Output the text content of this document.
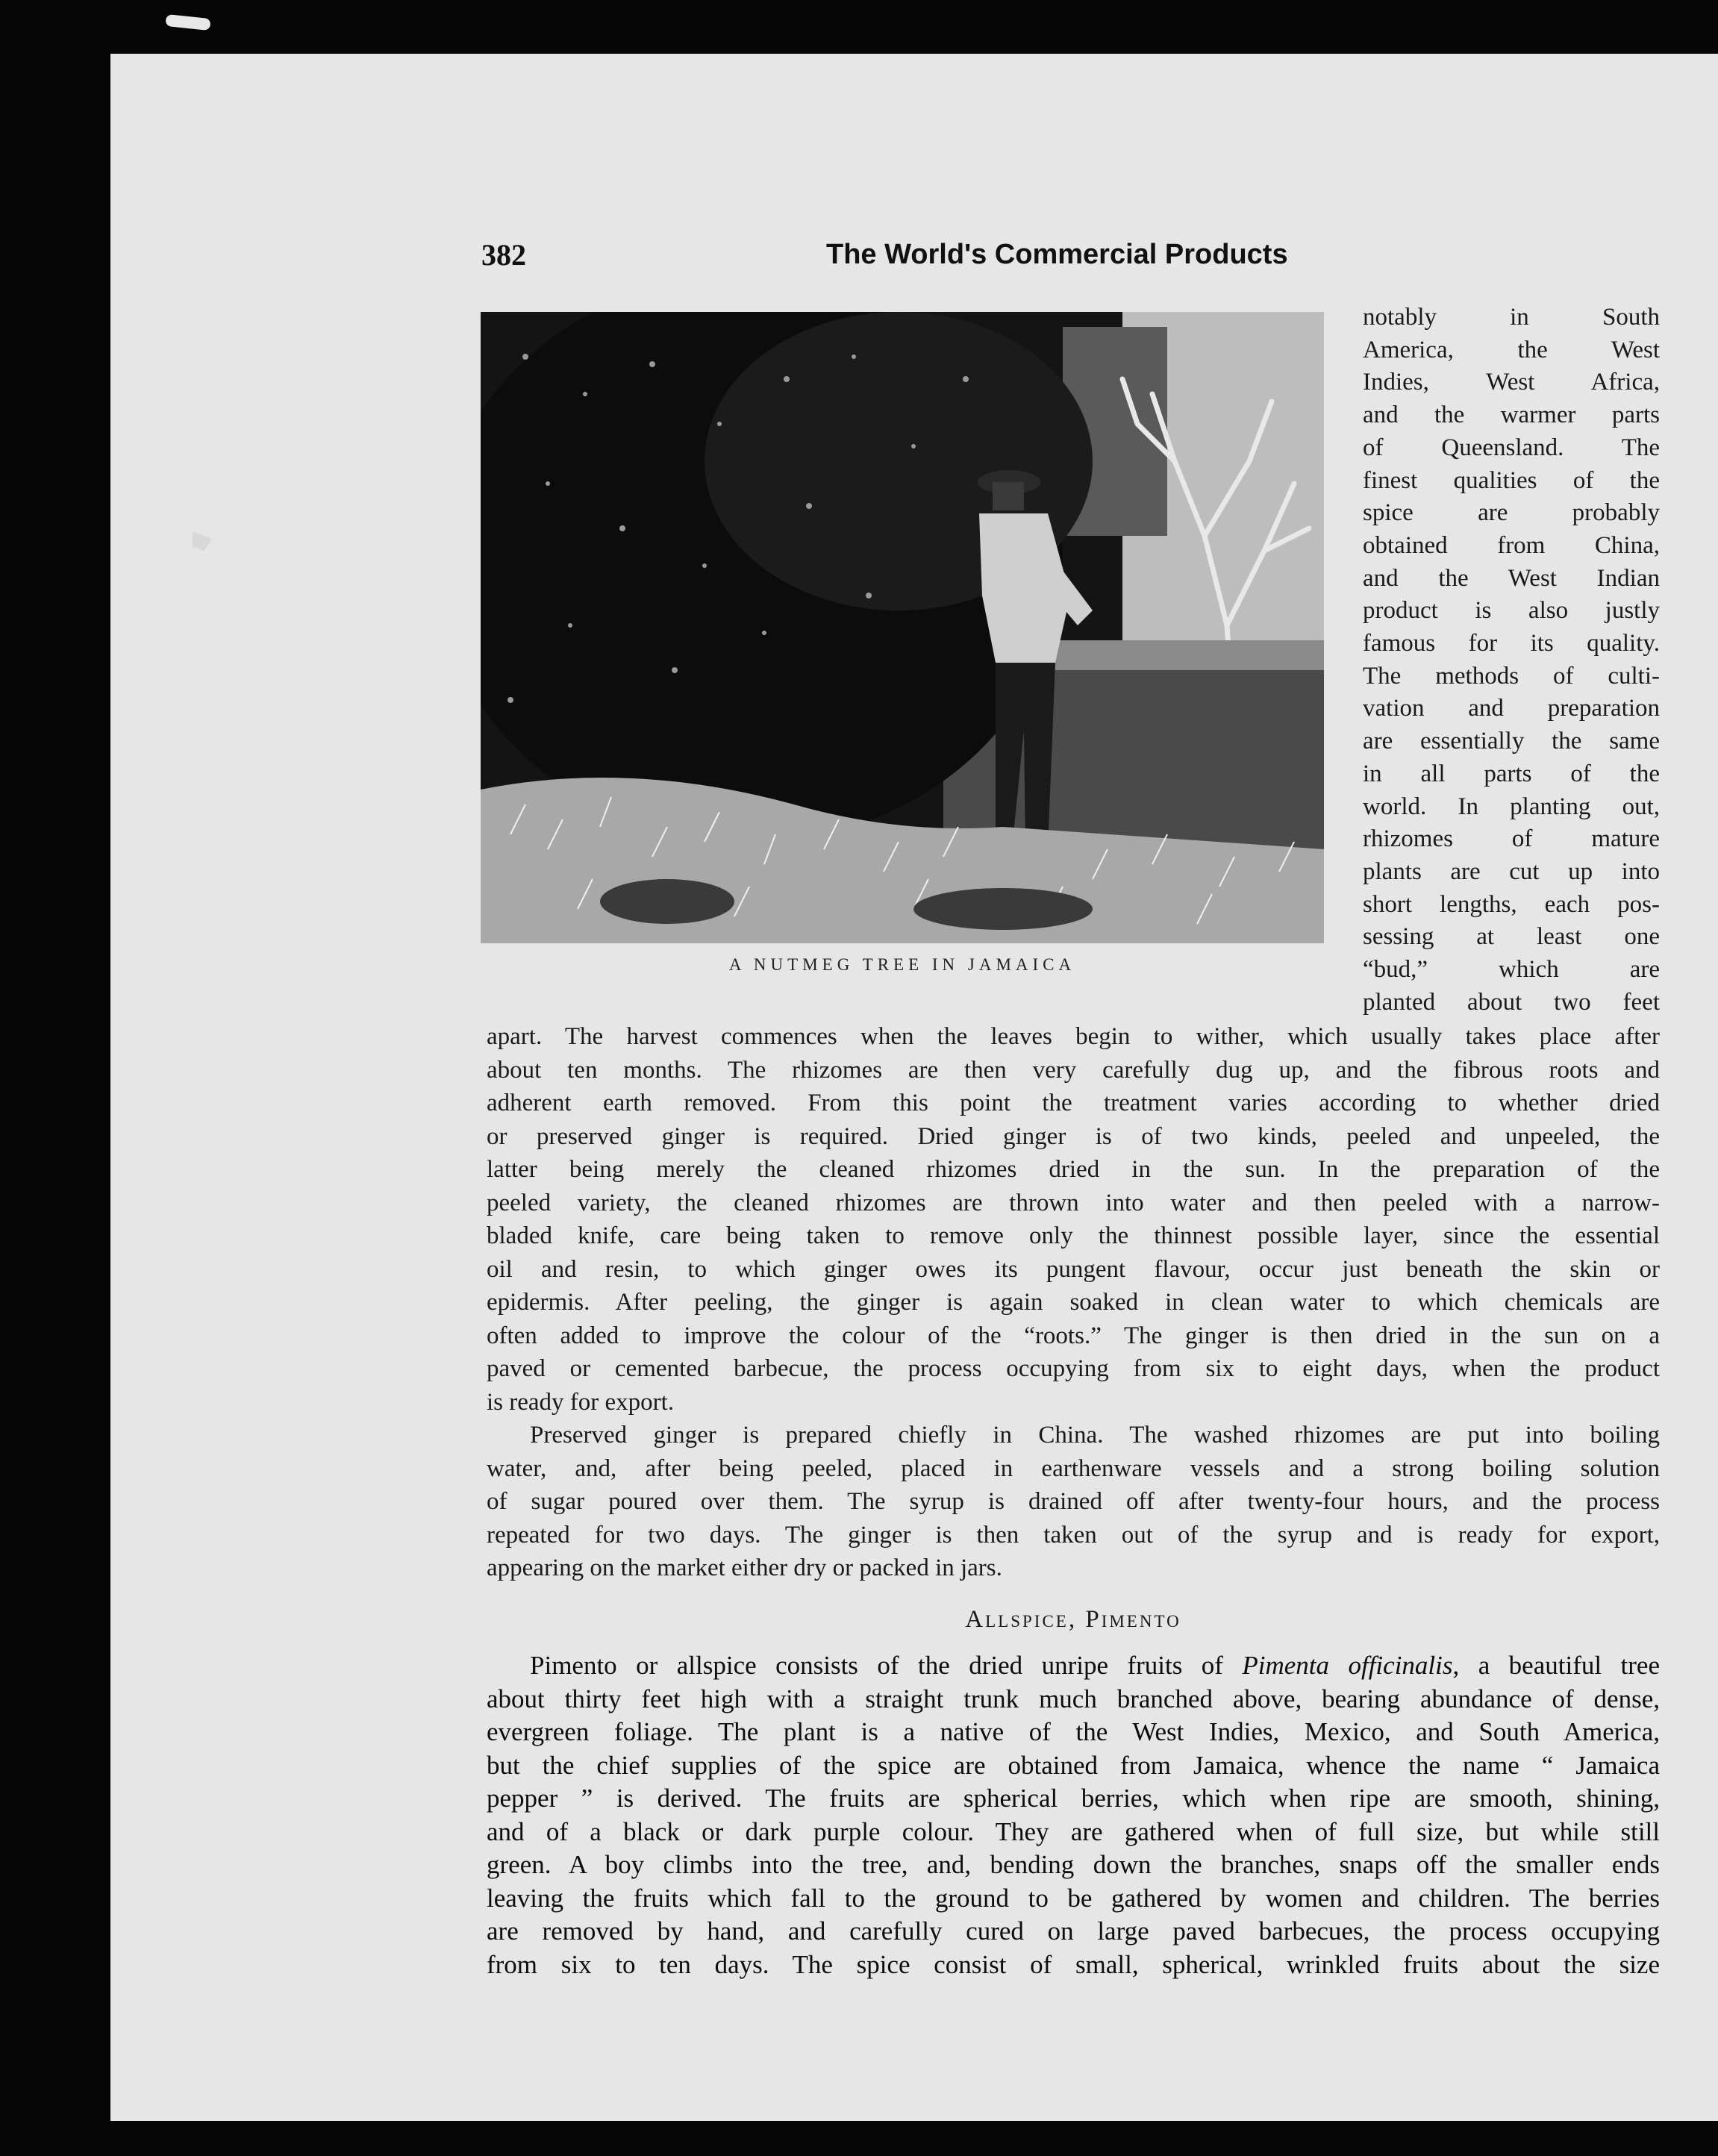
382	The World's Commercial Products
A NUTMEG TREE IN JAMAICA
notably in South
America, the West
Indies, West Africa,
and the warmer parts
of Queensland. The
finest qualities of the
spice are probably
obtained from China,
and the West Indian
product is also justly
famous for its quality.
The methods of culti-
vation and preparation
are essentially the same
in all parts of the
world. In planting out,
rhizomes of mature
plants are cut up into
short lengths, each pos-
sessing at least one
“bud,” which are
planted about two feet
apart. The harvest commences when the leaves begin to wither, which usually takes place after
about ten months. The rhizomes are then very carefully dug up, and the fibrous roots and
adherent earth removed. From this point the treatment varies according to whether dried
or preserved ginger is required. Dried ginger is of two kinds, peeled and unpeeled, the
latter being merely the cleaned rhizomes dried in the sun. In the preparation of the
peeled variety, the cleaned rhizomes are thrown into water and then peeled with a narrow-
bladed knife, care being taken to remove only the thinnest possible layer, since the essential
oil and resin, to which ginger owes its pungent flavour, occur just beneath the skin or
epidermis. After peeling, the ginger is again soaked in clean water to which chemicals are
often added to improve the colour of the “roots.” The ginger is then dried in the sun on a
paved or cemented barbecue, the process occupying from six to eight days, when the product
is ready for export.
Preserved ginger is prepared chiefly in China. The washed rhizomes are put into boiling
water, and, after being peeled, placed in earthenware vessels and a strong boiling solution
of sugar poured over them. The syrup is drained off after twenty-four hours, and the process
repeated for two days. The ginger is then taken out of the syrup and is ready for export,
appearing on the market either dry or packed in jars.
Allspice, Pimento
Pimento or allspice consists of the dried unripe fruits of Pimenta officinalis, a beautiful tree
about thirty feet high with a straight trunk much branched above, bearing abundance of dense,
evergreen foliage. The plant is a native of the West Indies, Mexico, and South America,
but the chief supplies of the spice are obtained from Jamaica, whence the name “ Jamaica
pepper ” is derived. The fruits are spherical berries, which when ripe are smooth, shining,
and of a black or dark purple colour. They are gathered when of full size, but while still
green. A boy climbs into the tree, and, bending down the branches, snaps off the smaller ends
leaving the fruits which fall to the ground to be gathered by women and children. The berries
are removed by hand, and carefully cured on large paved barbecues, the process occupying
from six to ten days. The spice consist of small, spherical, wrinkled fruits about the size
